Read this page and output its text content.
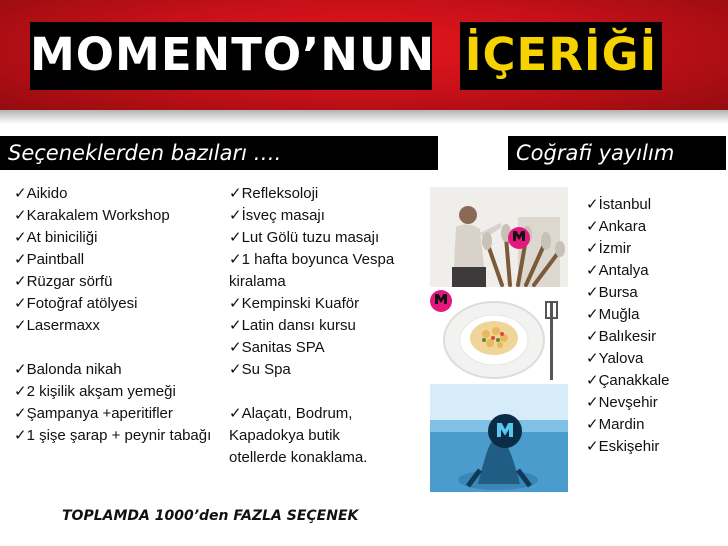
MOMENTO’NUN İÇERİĞİ
Seçeneklerden bazıları ….	Coğrafi yayılım
✓Aikido
✓Karakalem Workshop
✓At biniciliği
✓Paintball
✓Rüzgar sörfü
✓Fotoğraf atölyesi
✓Lasermaxx
✓Balonda nikah
✓2 kişilik akşam yemeği
✓Şampanya +aperitifler
✓1 şişe şarap + peynir tabağı
✓Refleksoloji
✓İsveç masajı
✓Lut Gölü tuzu masajı
✓1 hafta boyunca Vespa kiralama
✓Kempinski Kuaför
✓Latin dansı kursu
✓Sanitas SPA
✓Su Spa
✓Alaçatı, Bodrum, Kapadokya butik otellerde konaklama.
✓İstanbul
✓Ankara
✓İzmir
✓Antalya
✓Bursa
✓Muğla
✓Balıkesir
✓Yalova
✓Çanakkale
✓Nevşehir
✓Mardin
✓Eskişehir
TOPLAMDA 1000’den FAZLA SEÇENEK
